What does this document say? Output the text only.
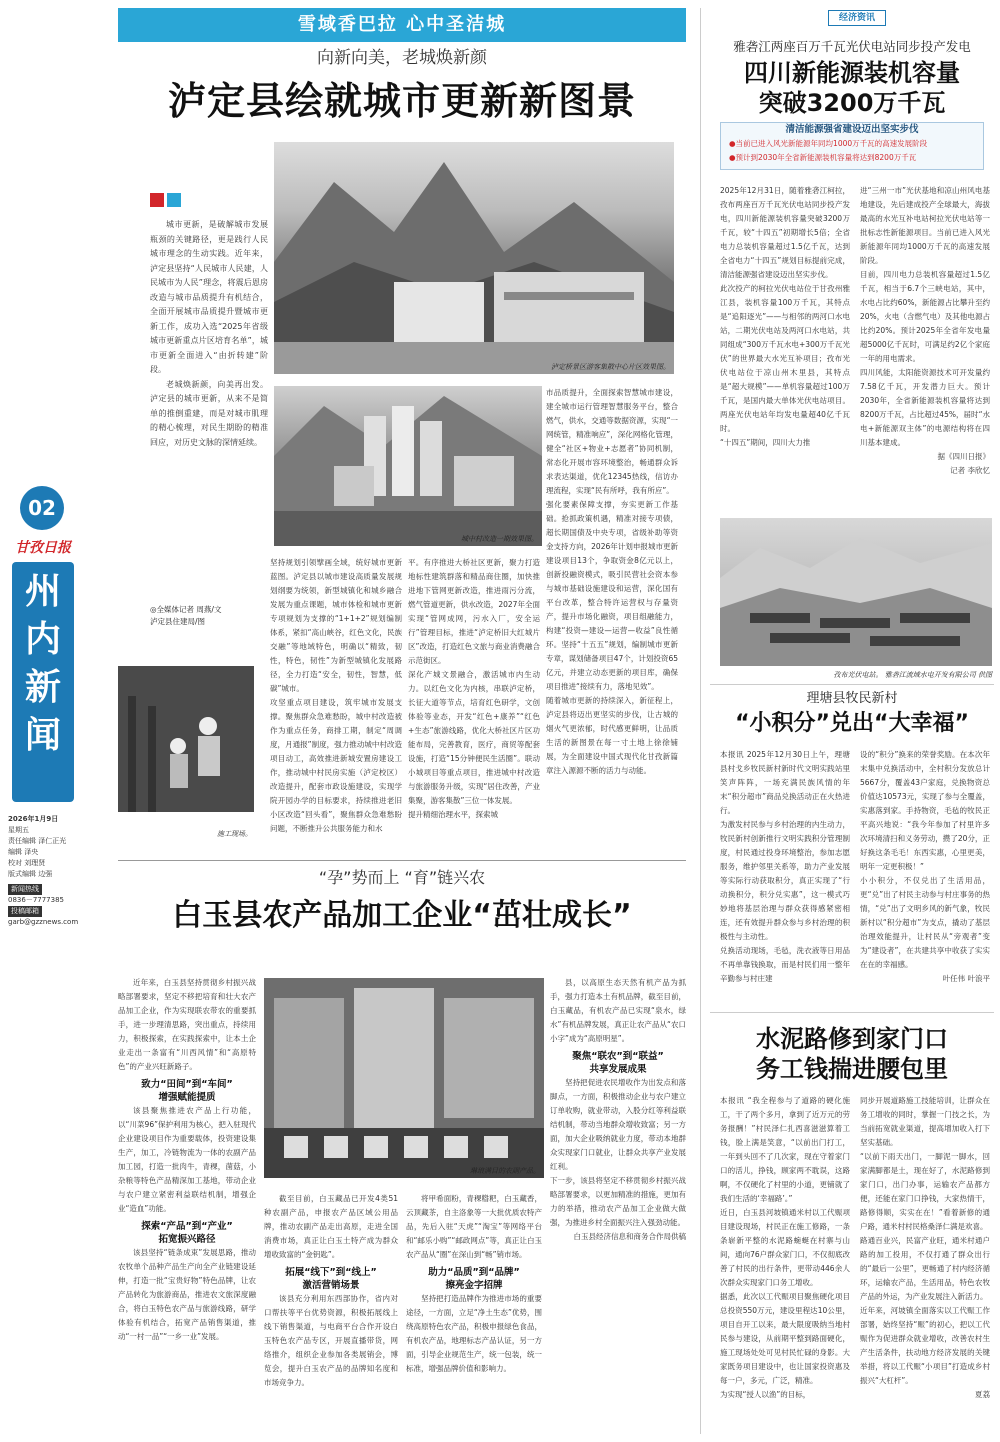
02
甘孜日报
州
内
新
闻
2026年1月9日
星期五
责任编辑 泽仁正光
编辑 泽央
校对 刘理贤
版式编辑 边强
新闻热线
0836－7777385
投稿邮箱
garb@gzznews.com
雪域香巴拉 心中圣洁城
向新向美，老城焕新颜
泸定县绘就城市更新新图景

城市更新，是破解城市发展瓶颈的关键路径，更是践行人民城市理念的生动实践。近年来，泸定县坚持“人民城市人民建，人民城市为人民”理念，将震后恩房改造与城市品质提升有机结合，全面开展城市品质提升暨城市更新工作，成功入选“2025年省级城市更新重点片区培育名单”，城市更新全面进入“由折转建”阶段。

老城焕新颜，向美再出发。泸定县的城市更新，从来不是简单的推倒重建，而是对城市肌理的精心梳理，对民生期盼的精准回应，对历史文脉的深情延续。

◎全媒体记者 周燕/文
泸定县住建局/图
泸定桥景区游客集散中心片区效果图。
城中村改造一期效果图。
施工现场。
坚持规划引领擘画全域，统好城市更新蓝图。泸定县以城市建设高质量发展规划纲要为统领，新型城镇化和城乡融合发展为重点课题，城市体检和城市更新专项规划为支撑的“1+1+2”规划编制体系，紧扣“高山峡谷，红色文化，民族交融”等地域特色，明确以“精致，韧性，特色，韧性”为新型城镇化发展路径，全力打造“安全，韧性，智慧，低碳”城市。
攻坚重点项目建设，筑牢城市发展支撑。聚焦群众急难愁盼，城中村改造被作为重点任务，商排工期，制定“周调度，月通报”制度，强力推动城中村改造项目动工，高效推进新城安置房建设工作，推动城中村民房实施（泸定校区）改造提升，配套市政设施建设，实现学院开园办学的目标要求，持续推进老旧小区改造“回头看”，聚焦群众急难愁盼问题，不断推升公共服务能力和水
平。有序推进大桥社区更新，聚力打造地标性建筑群落和精品商住圈，加快推进地下管网更新改造，推进雨污分流，燃气管道更新，供水改造，2027年全面实现“管网成网，污水入厂，安全运行”管理目标，推进“泸定桥旧大红城片区”改造，打造红色文旅与商业消费融合示范街区。
深化产城文景融合，激活城市内生动力。以红色文化为内核，串联泸定桥，长征大道等节点，培育红色研学，文创体验等业态，开发“红色+康养”“红色+生态”旅游线路，优化大桥社区片区功能布局，完善教育，医疗，商贸等配套设施，打造“15分钟便民生活圈”。联动小城项目等重点项目，推进城中村改造与旅游服务升级，实现“居住改善，产业集聚，游客集散”三位一体发展。
提升精细治理水平，探索城
市品质提升，全面探索智慧城市建设，建全城市运行管理智慧服务平台，整合燃气，供水，交通等数据资源，实现“一网统管，精准响应”，深化网格化管理，健全“社区+物业+志愿者”协同机制，常态化开展市容环境整治，畅通群众诉求表达渠道，优化12345热线，信访办理流程，实现“民有所呼，我有所应”。
强化要素保障支撑，夯实更新工作基础。抢抓政策机遇，精准对接专项债，超长期国债及中央专项，省级补助等资金支持方向，2026年计划申报城市更新建设项目13个，争取资金8亿元以上，创新投融资模式，吸引民营社会资本参与城市基础设施建设和运营，深化国有平台改革，整合特许运营权与存量资产，提升市场化融资，项目组融能力，构建“投资—建设—运营—收益”良性循环。坚持“十五五”规划，编制城市更新专章，谋划储备项目47个，计划投资65亿元，并建立动态更新的项目库，确保项目推进“接续有力，落地见效”。
随着城市更新的持续深入，新征程上，泸定县将迈出更坚实的步伐，让古城的烟火气更浓郁，时代感更鲜明，让品质生活的新图景在每一寸土地上徐徐铺展，为全面建设中国式现代化甘孜新篇章注入源源不断的活力与动能。
“孕”势而上 “育”链兴农
白玉县农产品加工企业“茁壮成长”

近年来，白玉县坚持贯彻乡村振兴战略部署要求，坚定不移把培育和壮大农产品加工企业，作为实现联农带农的重要抓手，进一步理清思路，突出重点，持续用力，积极探索，在实践探索中，让本土企业走出一条富有“川西风情”和“高原特色”的产业兴旺新路子。

致力“田间”到“车间”
增强赋能提质

该县聚焦推进农产品上行功能，以“川菜96”保护利用为核心，把入驻现代企业建设项目作为重要载体，投资建设集生产，加工，冷链物流为一体的农副产品加工园，打造一批肉牛，青稞，菌菇，小杂粮等特色产品精深加工基地，带动企业与农户建立紧密利益联结机制，增强企业“造血”功能。

探索“产品”到“产业”
拓宽振兴路径

该县坚持“链条成束”发展思路，推动农牧单个品种产品生产向全产业链建设延伸，打造一批“宝贵好物”特色品牌，让农产品转化为旅游商品，推进农文旅深度融合，将白玉特色农产品与旅游线路，研学体验有机结合，拓宽产品销售渠道，推动“一村一品”“一乡一业”发展。

琳琅满目的农副产品。

截至目前，白玉藏品已开发4类51种农副产品，申报农产品区域公用品牌，推动农副产品走出高原，走进全国消费市场，真正让白玉土特产成为群众增收致富的“金钥匙”。

拓展“线下”到“线上”
激活营销场景

该县充分利用东西部协作，省内对口帮扶等平台优势资源，积极拓展线上线下销售渠道，与电商平台合作开设白玉特色农产品专区，开展直播带货，网络推介，组织企业参加各类展销会，博览会，提升白玉农产品的品牌知名度和市场竞争力。

将甲希面粉，青稞糌粑，白玉藏香，云顶藏茶，自主洛象等一大批优质农特产品，先后入驻“天虎”“淘宝”等网络平台和“邮乐小购”“邮政网点”等，真正让白玉农产品从“圈”在深山到“畅”销市场。

助力“品质”到“品牌”
擦亮金字招牌

坚持把打造品牌作为推进市场的重要途径，一方面，立足“净土生态”优势，围绕高原特色农产品，积极申报绿色食品，有机农产品，地理标志产品认证，另一方面，引导企业规范生产，统一包装，统一标准，增强品牌价值和影响力。

县，以高原生态天然有机产品为抓手，强力打造本土有机品牌，截至目前，白玉藏品，有机农产品已实现“泉水，绿水”有机品牌发展，真正让农产品从“农口小字”成为“高原明星”。

聚焦“联农”到“联益”
共享发展成果

坚持把促进农民增收作为出发点和落脚点，一方面，积极推动企业与农户建立订单收购，就业带动，入股分红等利益联结机制，带动当地群众增收致富；另一方面，加大企业吸纳就业力度，带动本地群众实现家门口就业，让群众共享产业发展红利。
下一步，该县将坚定不移贯彻乡村振兴战略部署要求，以更加精准的措施，更加有力的举措，推动农产品加工企业做大做强，为推进乡村全面振兴注入强劲动能。

白玉县经济信息和商务合作局供稿

经济资讯
雅砻江两座百万千瓦光伏电站同步投产发电
四川新能源装机容量
突破3200万千瓦
清洁能源强省建设迈出坚实步伐
●当前已进入风光新能源年同均1000万千瓦的高速发展阶段
●预计到2030年全省新能源装机容量将达到8200万千瓦
2025年12月31日，随着雅砻江柯拉，孜布两座百万千瓦光伏电站同步投产发电，四川新能源装机容量突破3200万千瓦，较“十四五”初期增长5倍；全省电力总装机容量超过1.5亿千瓦，达到全省电力“十四五”规划目标提前完成，清洁能源强省建设迈出坚实步伐。
此次投产的柯拉光伏电站位于甘孜州雅江县，装机容量100万千瓦，其特点是“追阳逐光”——与相邻的两河口水电站，二期光伏电站及两河口水电站，共同组成“300万千瓦水电+300万千瓦光伏”的世界最大水光互补项目；孜布光伏电站位于凉山州木里县，其特点是“超大规模”——单机容量超过100万千瓦，是国内最大单体光伏电站项目。两座光伏电站年均发电量超40亿千瓦时。
“十四五”期间，四川大力推

进“三州一市”光伏基地和凉山州风电基地建设，先后建成投产全球最大，海拔最高的水光互补电站柯拉光伏电站等一批标志性新能源项目。当前已进入风光新能源年同均1000万千瓦的高速发展阶段。
目前，四川电力总装机容量超过1.5亿千瓦，相当于6.7个三峡电站，其中，水电占比约60%，新能源占比攀升至约20%，火电（含燃气电）及其他电源占比约20%。预计2025年全省年发电量超5000亿千瓦时，可满足约2亿个家庭一年的用电需求。
四川风能，太阳能资源技术可开发量约7.58亿千瓦，开发潜力巨大。预计2030年，全省新能源装机容量将达到8200万千瓦，占比超过45%，届时“水电+新能源双主体”的电源结构将在四川基本建成。

据《四川日报》

记者 李欣忆

孜布光伏电站。 雅砻江流域水电开发有限公司 供图
理塘县牧民新村
“小积分”兑出“大幸福”
本报讯 2025年12月30日上午，理塘县村戈乡牧民新村新时代文明实践站里笑声阵阵，一场充满民族风情的年末“积分超市”商品兑换活动正在火热进行。
为激发村民参与乡村治理的内生动力，牧民新村创新推行文明实践积分管理制度，村民通过投身环境整治，参加志愿服务，维护邻里关系等，助力产业发展等实际行动获取积分，真正实现了“行动换积分，积分兑实惠”，这一模式巧妙地将基层治理与群众获得感紧密相连，还有效提升群众参与乡村治理的积极性与主动性。
兑换活动现场，毛毡，洗衣液等日用品不再单靠钱换取，而是村民们用一整年辛勤参与村庄建

设的“积分”换来的荣誉奖励。在本次年末集中兑换活动中，全村积分发放总计5667分，覆盖43户家庭，兑换物资总价值达10573元，实现了参与全覆盖，实惠落到家。手持物资，毛毡的牧民正平高兴地说：“我今年参加了村里许多次环境清扫和义务劳动，攒了20分，正好换这条毛毛！东西实惠，心里更美，明年一定更积极！”
小小积分，不仅兑出了生活用品，更“兑”出了村民主动参与村庄事务的热情，“兑”出了文明乡风的新气象，牧民新村以“积分超市”为支点，撬动了基层治理效能提升，让村民从“旁观者”变为“建设者”，在共建共享中收获了实实在在的幸福感。

叶任伟 叶浪平

水泥路修到家门口
务工钱揣进腰包里
本报讯 “我全程参与了道路的硬化施工，干了两个多月，拿到了近万元的劳务报酬！”村民泽仁扎西喜滋滋算着工钱，脸上满是笑意，“以前出门打工，一年到头回不了几次家，现在守着家门口的活儿，挣钱，顾家两不耽误，这路啊，不仅硬化了村里的小道，更铺就了我们生活的‘幸福路’。”
近日，白玉县河坡镇通米村以工代赈项目建设现场，村民正在施工修路，一条条崭新平整的水泥路蜿蜒在村寨与山间，通向76户群众家门口，不仅彻底改善了村民的出行条件，更带动446余人次群众实现家门口务工增收。
据悉，此次以工代赈项目聚焦硬化项目总投资550万元，建设里程达10公里，项目自开工以来，最大限度吸纳当地村民参与建设，从前期平整到路面硬化，施工现场处处可见村民忙碌的身影。大家既务项目建设中，也让国家投资惠及每一户，多元，广泛，精准。
为实现“授人以渔”的目标，

同步开展道路施工技能培训，让群众在务工增收的同时，掌握一门技之长，为当前拓宽就业渠道，提高增加收入打下坚实基础。
“以前下雨天出门，一脚泥一脚水，回家满脚都是土，现在好了，水泥路修到家门口，出门办事，运输农产品都方便，还能在家门口挣钱，大家热情干，路修得顺，实实在在！”看着新修的通户路，通米村村民格桑泽仁满是欢喜。
路通百业兴，民富产业旺，通米村通户路的加工投用，不仅打通了群众出行的“最后一公里”，更畅通了村内经济循环，运输农产品，生活用品，特色农牧产品的外运，为产业发展注入新活力。
近年来，河坡镇全面落实以工代赈工作部署，始终坚持“赈”的初心，把以工代赈作为促进群众就业增收，改善农村生产生活条件，扶动地方经济发展的关键举措，将以工代赈“小项目”打造成乡村振兴“大杠杆”。

夏荔
